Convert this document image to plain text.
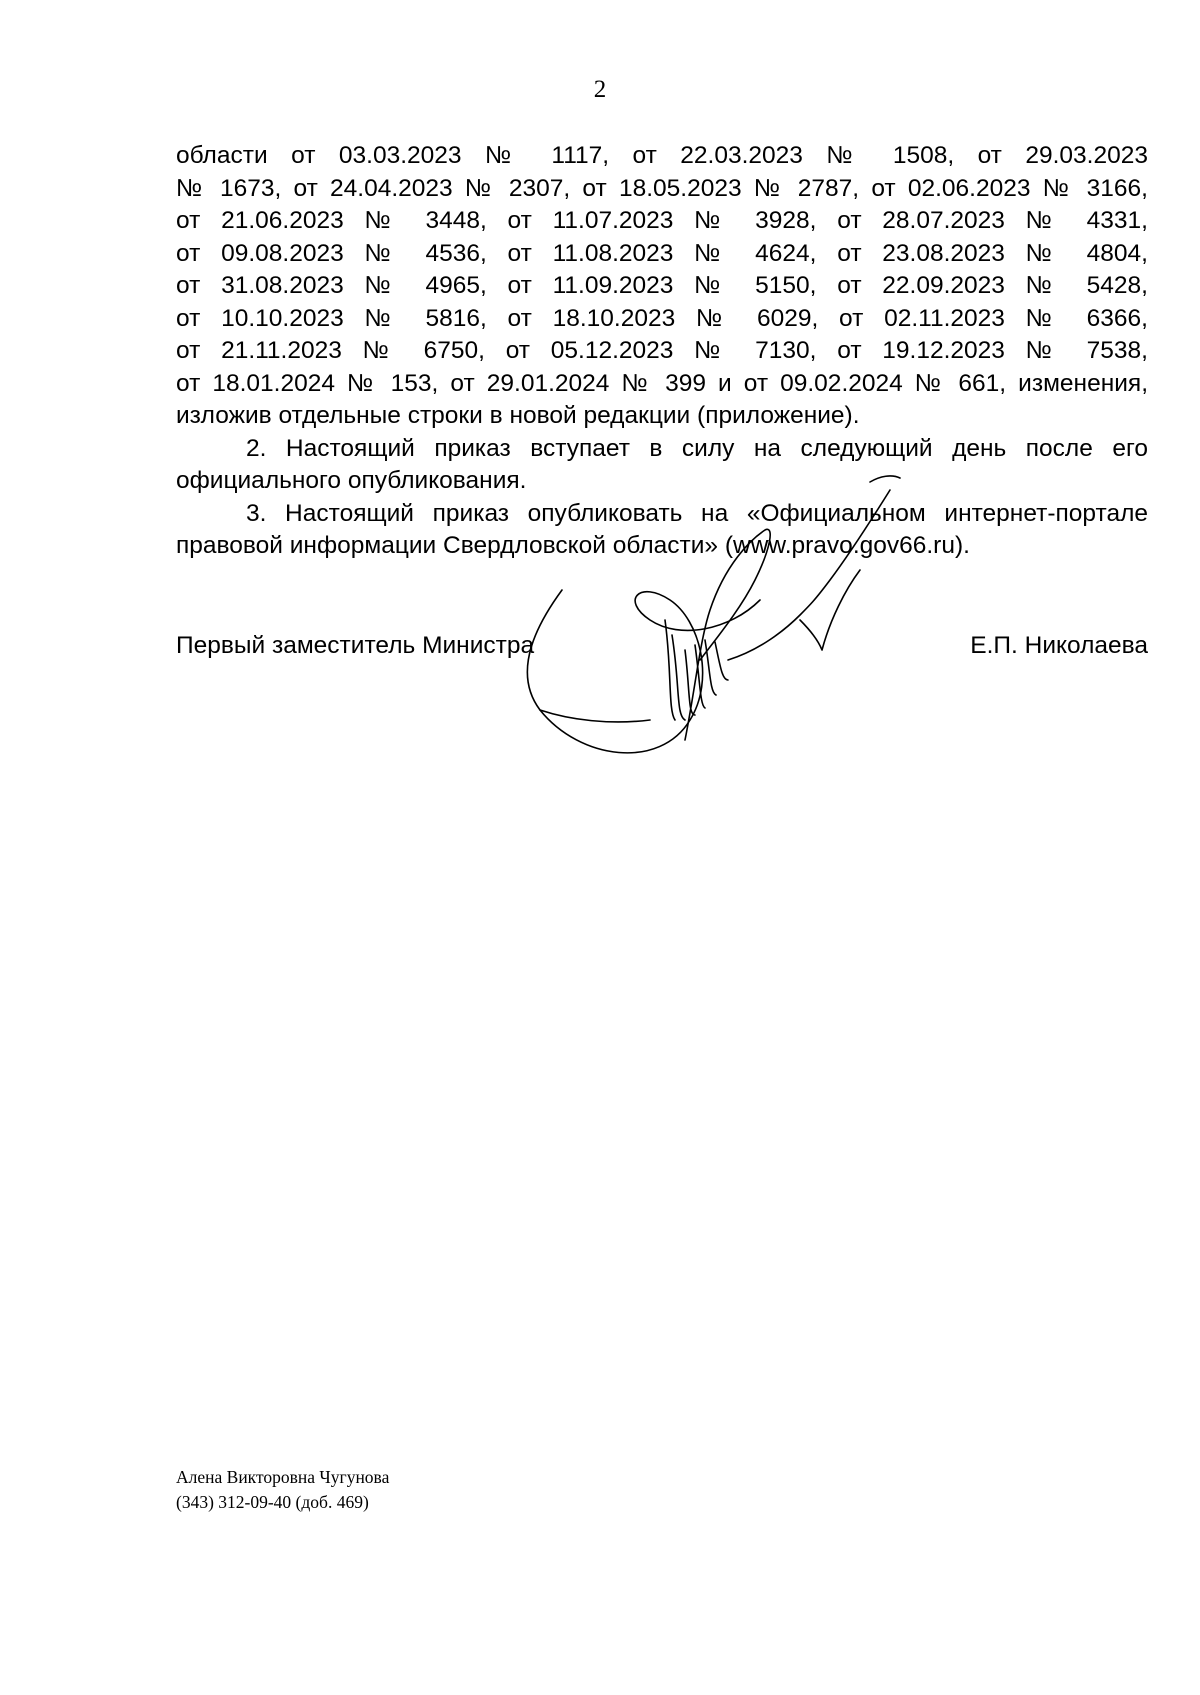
2
области от 03.03.2023 № 1117, от 22.03.2023 № 1508, от 29.03.2023
№ 1673, от 24.04.2023 № 2307, от 18.05.2023 № 2787, от 02.06.2023 № 3166,
от 21.06.2023 № 3448, от 11.07.2023 № 3928, от 28.07.2023 № 4331,
от 09.08.2023 № 4536, от 11.08.2023 № 4624, от 23.08.2023 № 4804,
от 31.08.2023 № 4965, от 11.09.2023 № 5150, от 22.09.2023 № 5428,
от 10.10.2023 № 5816, от 18.10.2023 № 6029, от 02.11.2023 № 6366,
от 21.11.2023 № 6750, от 05.12.2023 № 7130, от 19.12.2023 № 7538,
от 18.01.2024 № 153, от 29.01.2024 № 399 и от 09.02.2024 № 661, изменения,
изложив отдельные строки в новой редакции (приложение).
2. Настоящий приказ вступает в силу на следующий день после его
официального опубликования.
3. Настоящий приказ опубликовать на «Официальном интернет-портале
правовой информации Свердловской области» (www.pravo.gov66.ru).
Первый заместитель Министра	Е.П. Николаева
Алена Викторовна Чугунова
(343) 312-09-40 (доб. 469)
